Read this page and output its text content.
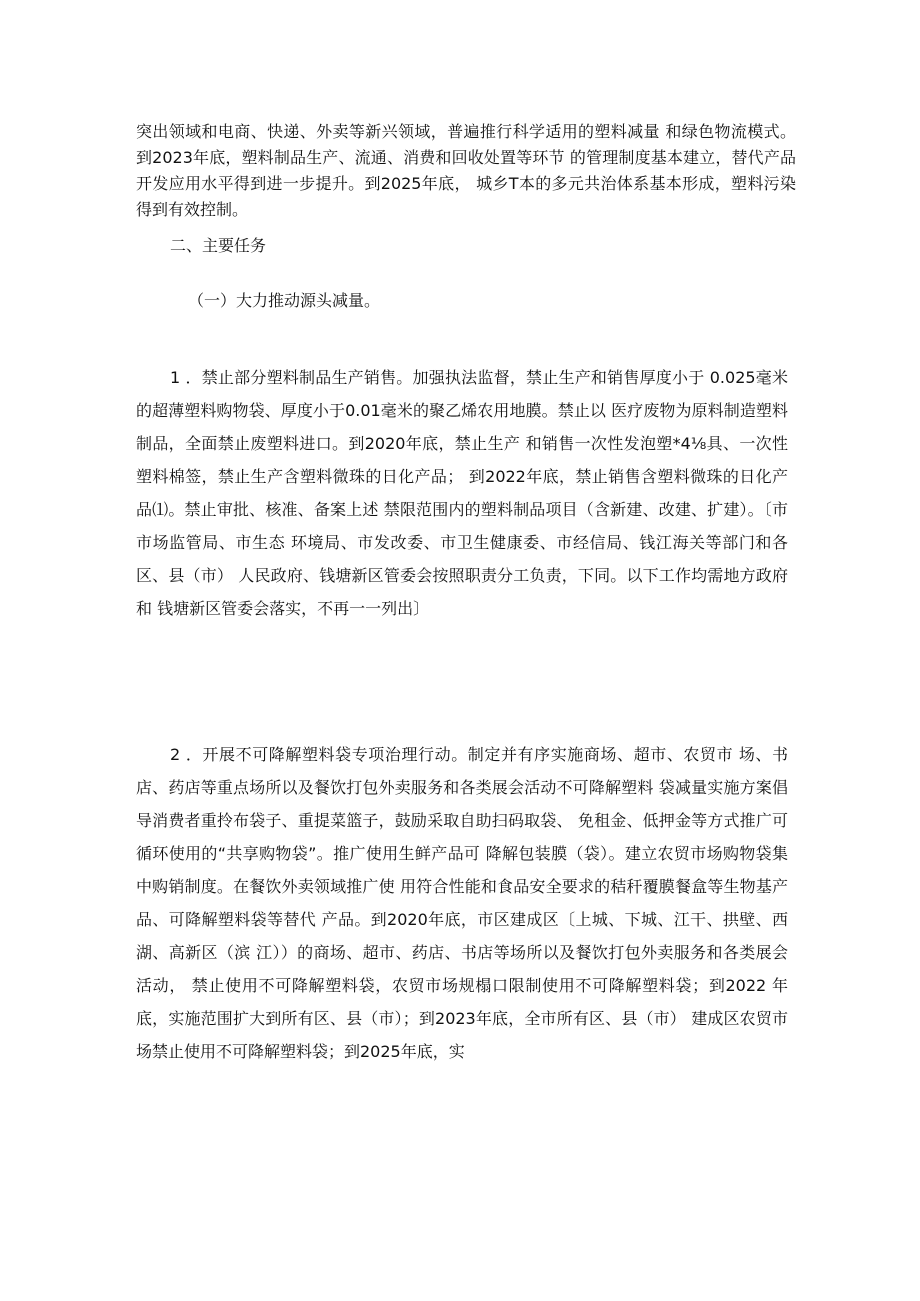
突出领域和电商、快递、外卖等新兴领域，普遍推行科学适用的塑料减量 和绿色物流模式。到2023年底，塑料制品生产、流通、消费和回收处置等环节 的管理制度基本建立，替代产品开发应用水平得到进一步提升。到2025年底， 城乡T本的多元共治体系基本形成，塑料污染得到有效控制。

二、主要任务
（一）大力推动源头减量。

1 ．禁止部分塑料制品生产销售。加强执法监督，禁止生产和销售厚度小于 0.025毫米的超薄塑料购物袋、厚度小于0.01毫米的聚乙烯农用地膜。禁止以 医疗废物为原料制造塑料制品，全面禁止废塑料进口。到2020年底，禁止生产 和销售一次性发泡塑*4⅛具、一次性塑料棉签，禁止生产含塑料微珠的日化产品； 到2022年底，禁止销售含塑料微珠的日化产品⑴。禁止审批、核准、备案上述 禁限范围内的塑料制品项目（含新建、改建、扩建）。〔市市场监管局、市生态 环境局、市发改委、市卫生健康委、市经信局、钱江海关等部门和各区、县（市） 人民政府、钱塘新区管委会按照职责分工负责，下同。以下工作均需地方政府和 钱塘新区管委会落实，不再一一列出〕

2 ．开展不可降解塑料袋专项治理行动。制定并有序实施商场、超市、农贸市 场、书店、药店等重点场所以及餐饮打包外卖服务和各类展会活动不可降解塑料 袋减量实施方案倡导消费者重拎布袋子、重提菜篮子，鼓励采取自助扫码取袋、 免租金、低押金等方式推广可循环使用的“共享购物袋”。推广使用生鲜产品可 降解包装膜（袋）。建立农贸市场购物袋集中购销制度。在餐饮外卖领域推广使 用符合性能和食品安全要求的秸秆覆膜餐盒等生物基产品、可降解塑料袋等替代 产品。到2020年底，市区建成区〔上城、下城、江干、拱壁、西湖、高新区（滨 江））的商场、超市、药店、书店等场所以及餐饮打包外卖服务和各类展会活动， 禁止使用不可降解塑料袋，农贸市场规榻口限制使用不可降解塑料袋；到2022 年底，实施范围扩大到所有区、县（市）；到2023年底，全市所有区、县（市） 建成区农贸市场禁止使用不可降解塑料袋；到2025年底，实
